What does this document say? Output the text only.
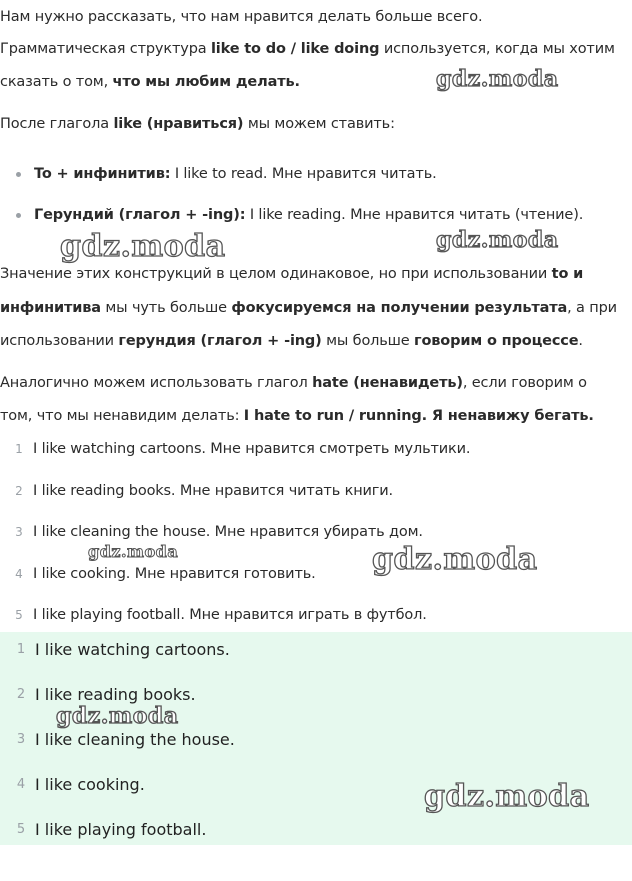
Нам нужно рассказать, что нам нравится делать больше всего.
Грамматическая структура like to do / like doing используется, когда мы хотим
сказать о том, что мы любим делать.
После глагола like (нравиться) мы можем ставить:
To + инфинитив: I like to read. Мне нравится читать.
Герундий (глагол + -ing): I like reading. Мне нравится читать (чтение).
Значение этих конструкций в целом одинаковое, но при использовании to и
инфинитива мы чуть больше фокусируемся на получении результата, а при
использовании герундия (глагол + -ing) мы больше говорим о процессе.
Аналогично можем использовать глагол hate (ненавидеть), если говорим о
том, что мы ненавидим делать: I hate to run / running. Я ненавижу бегать.
1 I like watching cartoons. Мне нравится смотреть мультики.
2 I like reading books. Мне нравится читать книги.
3 I like cleaning the house. Мне нравится убирать дом.
4 I like cooking. Мне нравится готовить.
5 I like playing football. Мне нравится играть в футбол.
1 I like watching cartoons.
2 I like reading books.
3 I like cleaning the house.
4 I like cooking.
5 I like playing football.
gdz.moda
gdz.moda	gdz.moda
gdz.moda	gdz.moda
gdz.moda
gdz.moda
